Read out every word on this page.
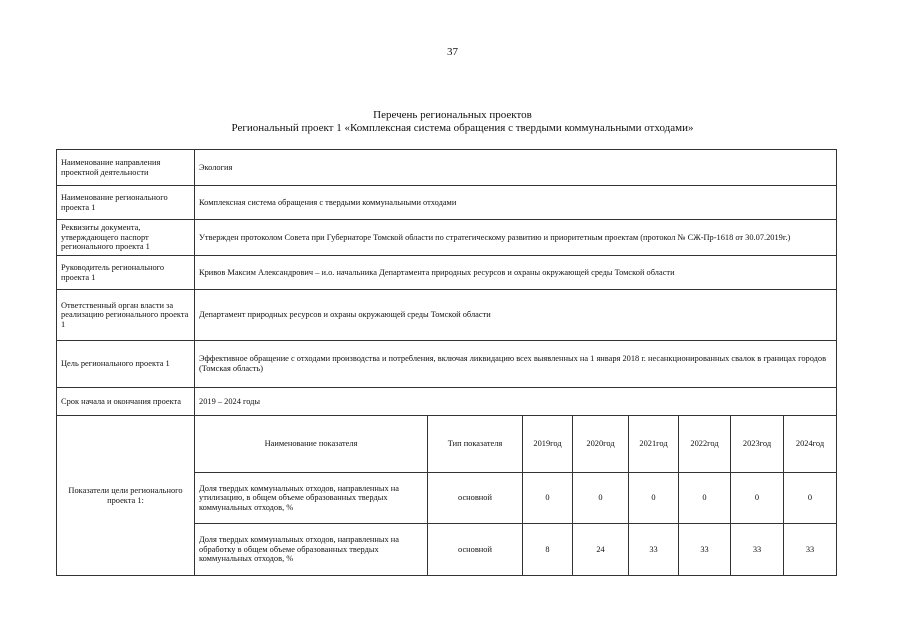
37
Перечень региональных проектов
Региональный проект 1 «Комплексная система обращения с твердыми коммунальными отходами»
Наименование направления проектной деятельности	Экология							
Наименование регионального проекта 1	Комплексная система обращения с твердыми коммунальными отходами							
Реквизиты документа, утверждающего паспорт регионального проекта 1	Утвержден протоколом Совета при Губернаторе Томской области по стратегическому развитию и приоритетным проектам (протокол № СЖ-Пр-1618 от 30.07.2019г.)							
Руководитель регионального проекта 1	Кривов Максим Александрович – и.о. начальника Департамента природных ресурсов и охраны окружающей среды Томской области							
Ответственный орган власти за реализацию регионального проекта 1	Департамент природных ресурсов и охраны окружающей среды Томской области							
Цель регионального проекта 1	Эффективное обращение с отходами производства и потребления, включая ликвидацию всех выявленных на 1 января 2018 г. несанкционированных свалок в границах городов (Томская область)							
Срок начала и окончания проекта	2019 – 2024 годы							
Показатели цели регионального проекта 1:	Наименование показателя	Тип показателя	2019год	2020год	2021год	2022год	2023год	2024год
	Доля твердых коммунальных отходов, направленных на утилизацию, в общем объеме образованных твердых коммунальных отходов, %	основной	0	0	0	0	0	0
	Доля твердых коммунальных отходов, направленных на обработку в общем объеме образованных твердых коммунальных отходов, %	основной	8	24	33	33	33	33
